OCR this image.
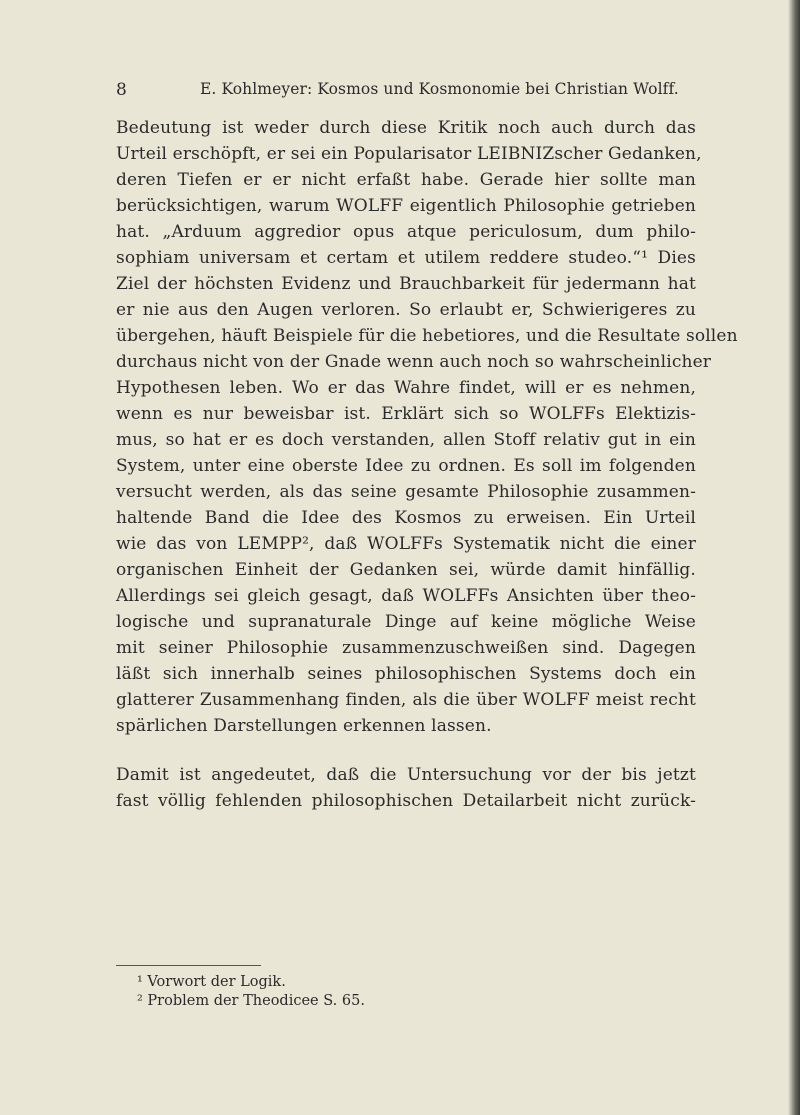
8	E. Kohlmeyer: Kosmos und Kosmonomie bei Christian Wolff.
Bedeutung ist weder durch diese Kritik noch auch durch das
Urteil erschöpft, er sei ein Popularisator LEIBNIZscher Gedanken,
deren Tiefen er er nicht erfaßt habe. Gerade hier sollte man
berücksichtigen, warum WOLFF eigentlich Philosophie getrieben
hat. „Arduum aggredior opus atque periculosum, dum philo-
sophiam universam et certam et utilem reddere studeo.“¹ Dies
Ziel der höchsten Evidenz und Brauchbarkeit für jedermann hat
er nie aus den Augen verloren. So erlaubt er, Schwierigeres zu
übergehen, häuft Beispiele für die hebetiores, und die Resultate sollen
durchaus nicht von der Gnade wenn auch noch so wahrscheinlicher
Hypothesen leben. Wo er das Wahre findet, will er es nehmen,
wenn es nur beweisbar ist. Erklärt sich so WOLFFs Elektizis-
mus, so hat er es doch verstanden, allen Stoff relativ gut in ein
System, unter eine oberste Idee zu ordnen. Es soll im folgenden
versucht werden, als das seine gesamte Philosophie zusammen-
haltende Band die Idee des Kosmos zu erweisen. Ein Urteil
wie das von LEMPP², daß WOLFFs Systematik nicht die einer
organischen Einheit der Gedanken sei, würde damit hinfällig.
Allerdings sei gleich gesagt, daß WOLFFs Ansichten über theo-
logische und supranaturale Dinge auf keine mögliche Weise
mit seiner Philosophie zusammenzuschweißen sind. Dagegen
läßt sich innerhalb seines philosophischen Systems doch ein
glatterer Zusammenhang finden, als die über WOLFF meist recht
spärlichen Darstellungen erkennen lassen.
Damit ist angedeutet, daß die Untersuchung vor der bis jetzt
fast völlig fehlenden philosophischen Detailarbeit nicht zurück-
¹ Vorwort der Logik.
² Problem der Theodicee S. 65.
